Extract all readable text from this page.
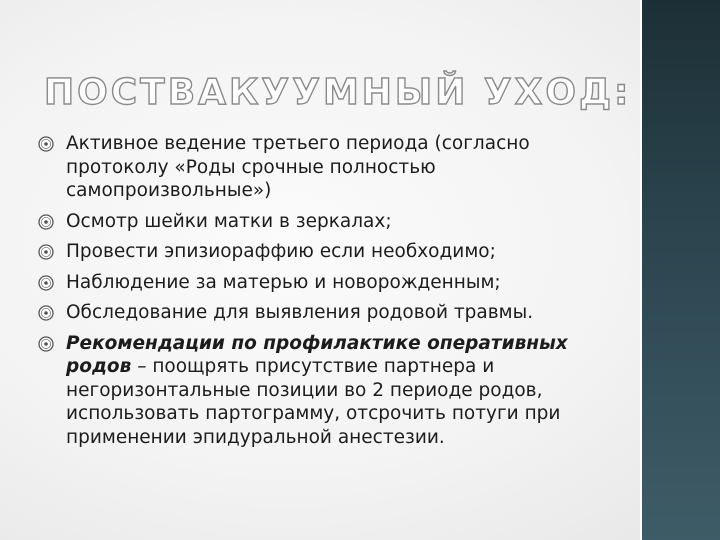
ПОСТВАКУУМНЫЙ УХОД:
Активное ведение третьего периода (согласно протоколу «Роды срочные полностью самопроизвольные»)
Осмотр шейки матки в зеркалах;
Провести эпизиораффию если необходимо;
Наблюдение за матерью и новорожденным;
Обследование для выявления родовой травмы.
Рекомендации по профилактике оперативных родов – поощрять присутствие партнера и негоризонтальные позиции во 2 периоде родов, использовать партограмму, отсрочить потуги при применении эпидуральной анестезии.
